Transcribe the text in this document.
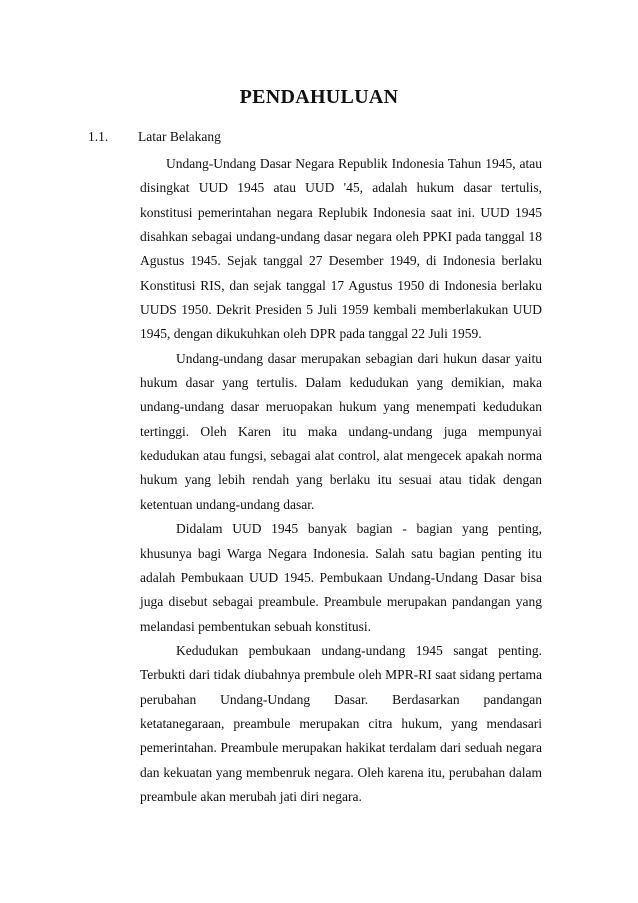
PENDAHULUAN
1.1. Latar Belakang

Undang-Undang Dasar Negara Republik Indonesia Tahun 1945, atau disingkat UUD 1945 atau UUD '45, adalah hukum dasar tertulis, konstitusi pemerintahan negara Replubik Indonesia saat ini. UUD 1945 disahkan sebagai undang-undang dasar negara oleh PPKI pada tanggal 18 Agustus 1945. Sejak tanggal 27 Desember 1949, di Indonesia berlaku Konstitusi RIS, dan sejak tanggal 17 Agustus 1950 di Indonesia berlaku UUDS 1950. Dekrit Presiden 5 Juli 1959 kembali memberlakukan UUD 1945, dengan dikukuhkan oleh DPR pada tanggal 22 Juli 1959.

Undang-undang dasar merupakan sebagian dari hukun dasar yaitu hukum dasar yang tertulis. Dalam kedudukan yang demikian, maka undang-undang dasar meruopakan hukum yang menempati kedudukan tertinggi. Oleh Karen itu maka undang-undang juga mempunyai kedudukan atau fungsi, sebagai alat control, alat mengecek apakah norma hukum yang lebih rendah yang berlaku itu sesuai atau tidak dengan ketentuan undang-undang dasar.

Didalam UUD 1945 banyak bagian - bagian yang penting, khusunya bagi Warga Negara Indonesia. Salah satu bagian penting itu adalah Pembukaan UUD 1945. Pembukaan Undang-Undang Dasar bisa juga disebut sebagai preambule. Preambule merupakan pandangan yang melandasi pembentukan sebuah konstitusi.

Kedudukan pembukaan undang-undang 1945 sangat penting. Terbukti dari tidak diubahnya prembule oleh MPR-RI saat sidang pertama perubahan Undang-Undang Dasar. Berdasarkan pandangan ketatanegaraan, preambule merupakan citra hukum, yang mendasari pemerintahan. Preambule merupakan hakikat terdalam dari seduah negara dan kekuatan yang membenruk negara. Oleh karena itu, perubahan dalam preambule akan merubah jati diri negara.
